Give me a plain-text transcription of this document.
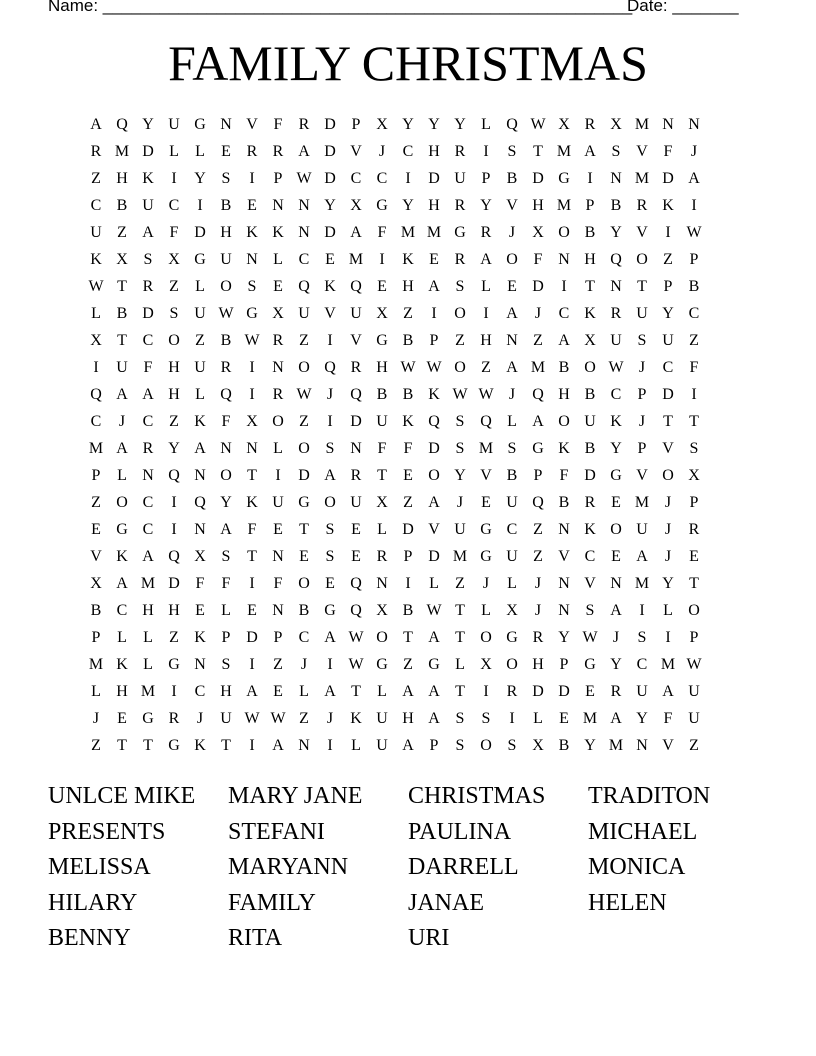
Name: ________________________________________________________
Date: _______
FAMILY CHRISTMAS
A Q Y U G N V F	R D P X Y Y Y L Q W X R X M N N
R M D L	L	E R R A D V	J	C H R	I	S	T M A S V F	J
Z H K	I	Y S	I	P W D C C	I	D U P	B D G	I	N M D A
C B U C	I	B E N N Y X G Y H R Y V H M P	B R K	I
U Z A F D H K K N D A F M M G R	J	X O B Y V	I W
K X S X G U N L C E M	I	K E R A O F N H Q O Z	P
W T R Z	L O S	E Q K Q E H A S	L	E D	I	T N T	P	B
L B D S U W G X U V U X Z	I	O	I	A	J	C K R U Y C
X T C O Z B W R Z	I	V G B	P	Z H N Z A X U S U Z
I	U F H U R	I	N O Q R H W W O Z A M B O W J	C	F
Q A A H L Q	I	R W J	Q B B K W W J	Q H B C	P D	I
C	J	C Z K F X O Z	I	D U K Q S Q L A O U K	J	T	T
M A R Y A N N L O S N F	F D S M S G K B Y P V S
P	L N Q N O T	I	D A R T	E O Y V B	P	F D G V O X
Z O C	I	Q Y K U G O U X Z A	J	E U Q B R E M J	P
E G C	I	N A F	E	T	S	E	L D V U G C Z N K O U	J	R
V K A Q X S	T N E	S	E R	P D M G U Z V C E A	J	E
X A M D F	F	I	F O E Q N	I	L	Z	J	L	J	N V N M Y T
B C H H E	L	E N B G Q X B W T	L X	J	N S A	I	L O
P	L	L	Z K P D P	C A W O T A T O G R Y W J	S	I	P
M K L G N S	I	Z	J	I W G Z G L X O H P G Y C M W
L H M	I	C H A E	L A T	L A A T	I	R D D E R U A U
J	E G R	J	U W W Z	J	K U H A S	S	I	L	E M A Y F U
Z	T	T G K T	I	A N	I	L U A P	S O S X B Y M N V Z
UNLCE MIKE	MARY JANE	CHRISTMAS	TRADITON
PRESENTS	STEFANI	PAULINA	MICHAEL
MELISSA	MARYANN	DARRELL	MONICA
HILARY	FAMILY	JANAE	HELEN
BENNY	RITA	URI
